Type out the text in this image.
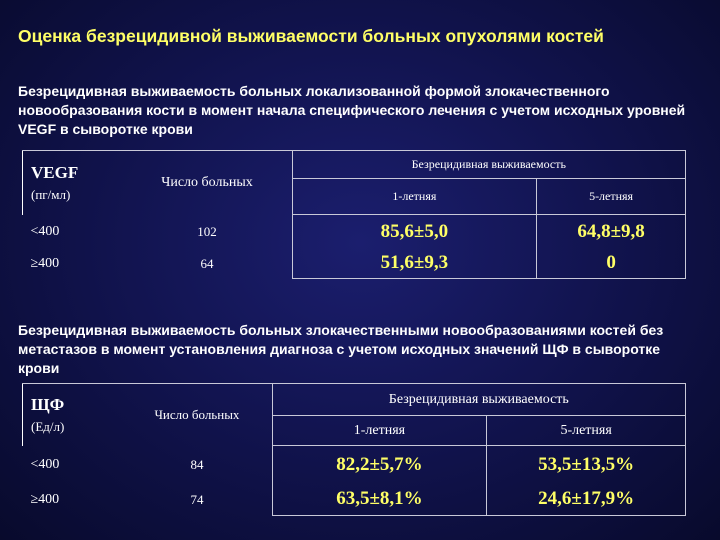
Оценка безрецидивной выживаемости больных опухолями костей
Безрецидивная выживаемость больных локализованной формой злокачественного новообразования кости в момент начала специфического лечения с учетом исходных уровней VEGF в сыворотке крови
VEGF
(пг/мл)	Число больных	Безрецидивная выживаемость	
		1-летняя	5-летняя
<400	102	85,6±5,0	64,8±9,8
≥400	64	51,6±9,3	0
Безрецидивная выживаемость больных злокачественными новообразованиями костей без метастазов в момент установления диагноза с учетом исходных значений ЩФ в сыворотке крови
ЩФ
(Ед/л)	Число больных	Безрецидивная выживаемость	
		1-летняя	5-летняя
<400	84	82,2±5,7%	53,5±13,5%
≥400	74	63,5±8,1%	24,6±17,9%
